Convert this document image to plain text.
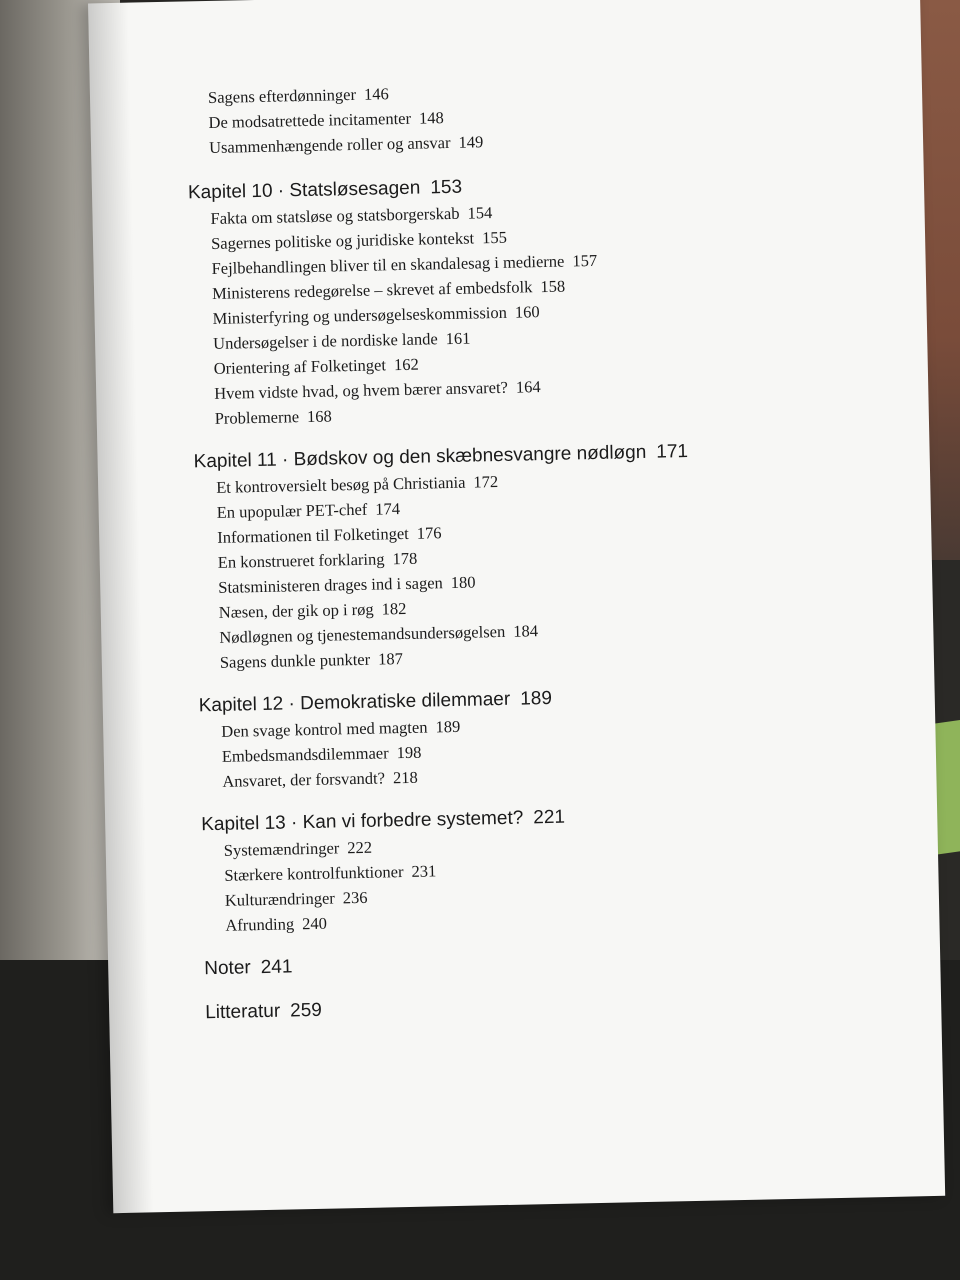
Sagens efterdønninger 146
De modsatrettede incitamenter 148
Usammenhængende roller og ansvar 149
Kapitel 10 · Statsløsesagen 153
Fakta om statsløse og statsborgerskab 154
Sagernes politiske og juridiske kontekst 155
Fejlbehandlingen bliver til en skandalesag i medierne 157
Ministerens redegørelse – skrevet af embedsfolk 158
Ministerfyring og undersøgelseskommission 160
Undersøgelser i de nordiske lande 161
Orientering af Folketinget 162
Hvem vidste hvad, og hvem bærer ansvaret? 164
Problemerne 168
Kapitel 11 · Bødskov og den skæbnesvangre nødløgn 171
Et kontroversielt besøg på Christiania 172
En upopulær PET-chef 174
Informationen til Folketinget 176
En konstrueret forklaring 178
Statsministeren drages ind i sagen 180
Næsen, der gik op i røg 182
Nødløgnen og tjenestemandsundersøgelsen 184
Sagens dunkle punkter 187
Kapitel 12 · Demokratiske dilemmaer 189
Den svage kontrol med magten 189
Embedsmandsdilemmaer 198
Ansvaret, der forsvandt? 218
Kapitel 13 · Kan vi forbedre systemet? 221
Systemændringer 222
Stærkere kontrolfunktioner 231
Kulturændringer 236
Afrunding 240
Noter 241
Litteratur 259
